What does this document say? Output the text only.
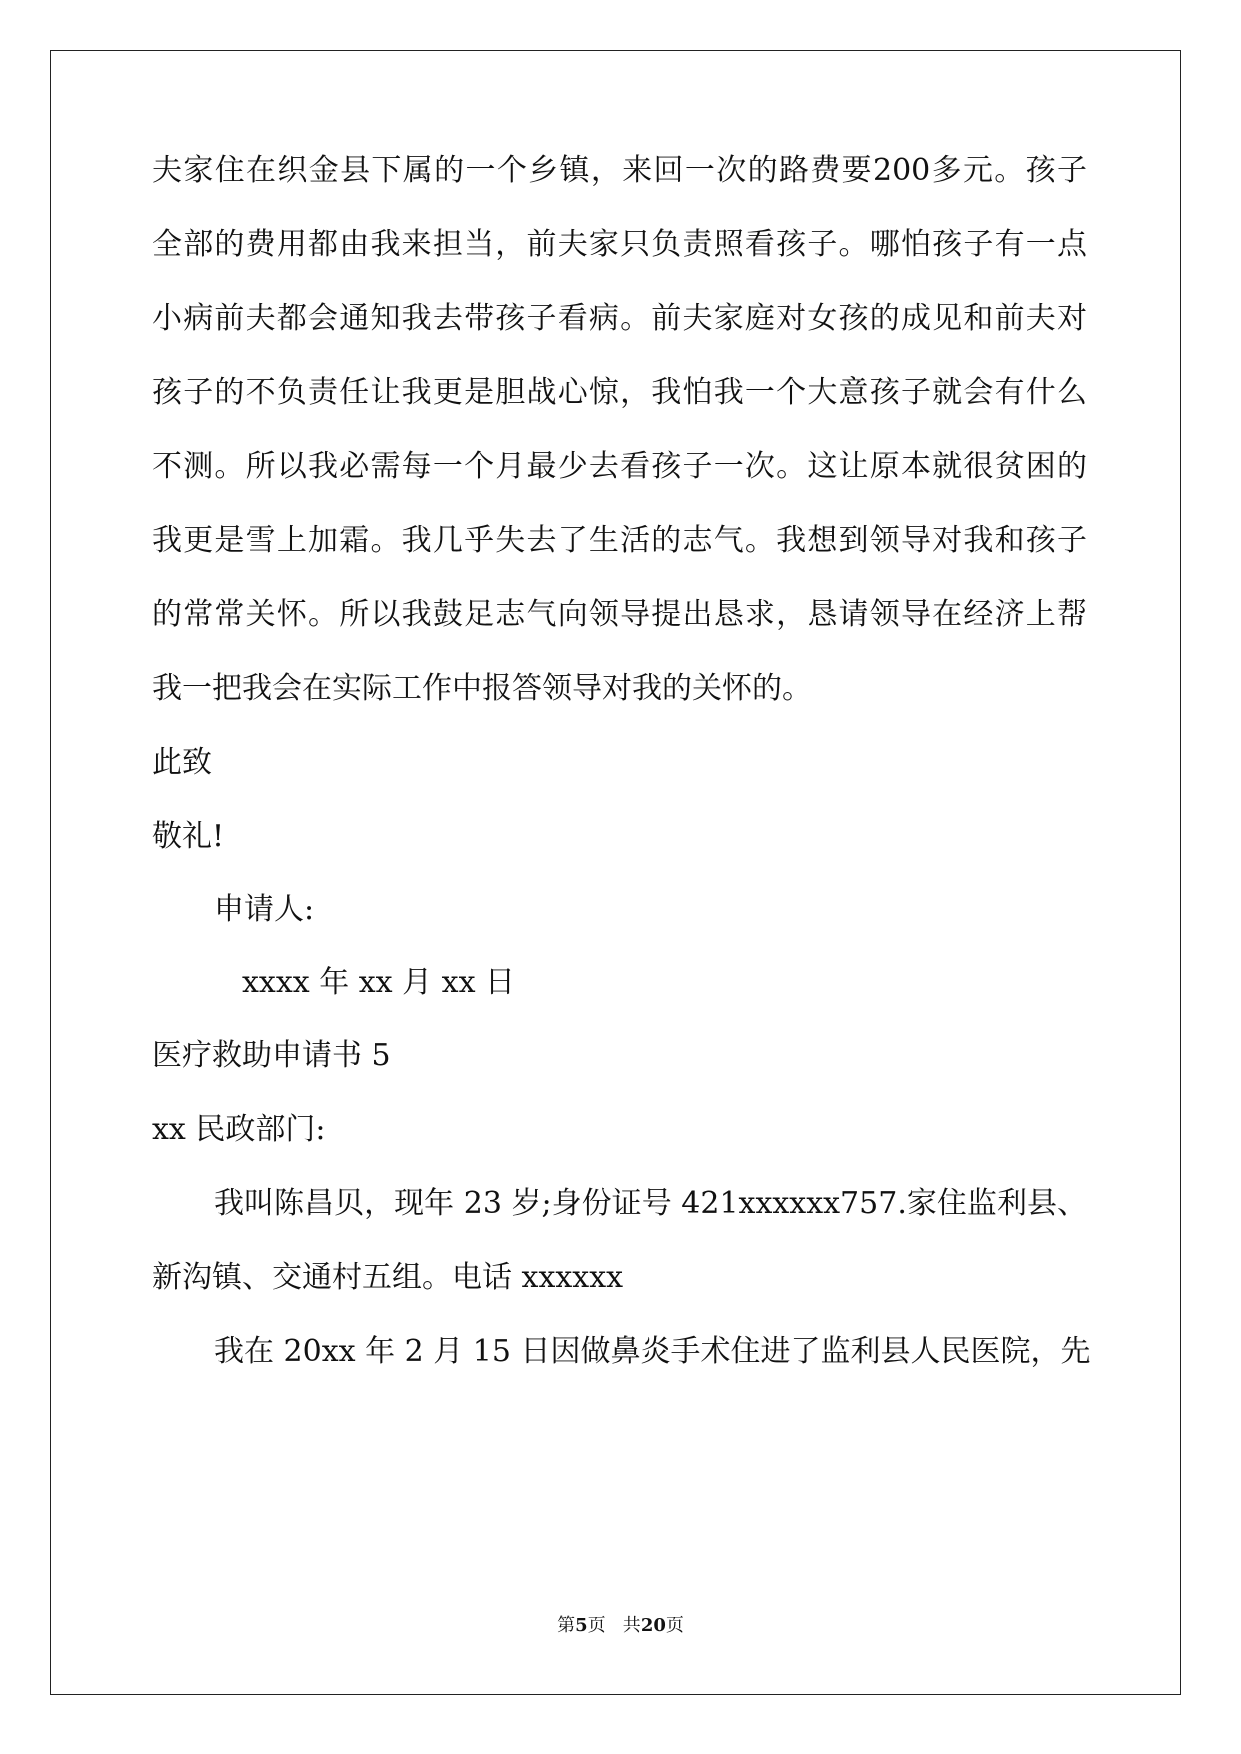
夫家住在织金县下属的一个乡镇，来回一次的路费要200多元。孩子
全部的费用都由我来担当，前夫家只负责照看孩子。哪怕孩子有一点
小病前夫都会通知我去带孩子看病。前夫家庭对女孩的成见和前夫对
孩子的不负责任让我更是胆战心惊，我怕我一个大意孩子就会有什么
不测。所以我必需每一个月最少去看孩子一次。这让原本就很贫困的
我更是雪上加霜。我几乎失去了生活的志气。我想到领导对我和孩子
的常常关怀。所以我鼓足志气向领导提出恳求，恳请领导在经济上帮
我一把我会在实际工作中报答领导对我的关怀的。
此致
敬礼!
申请人:
xxxx 年 xx 月 xx 日
医疗救助申请书 5
xx 民政部门:
我叫陈昌贝，现年 23 岁;身份证号 421xxxxxx757.家住监利县、
新沟镇、交通村五组。电话 xxxxxx
我在 20xx 年 2 月 15 日因做鼻炎手术住进了监利县人民医院，先
第5页   共20页
